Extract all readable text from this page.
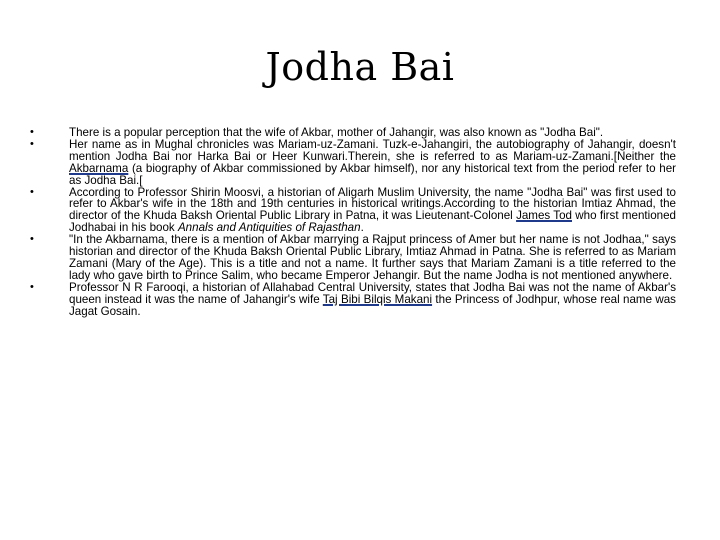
Jodha Bai
•	There is a popular perception that the wife of Akbar, mother of Jahangir, was also known as "Jodha Bai".
•	Her name as in Mughal chronicles was Mariam-uz-Zamani. Tuzk-e-Jahangiri, the autobiography of Jahangir, doesn't mention Jodha Bai nor Harka Bai or Heer Kunwari.Therein, she is referred to as Mariam-uz-Zamani.[Neither the Akbarnama (a biography of Akbar commissioned by Akbar himself), nor any historical text from the period refer to her as Jodha Bai.[
•	According to Professor Shirin Moosvi, a historian of Aligarh Muslim University, the name "Jodha Bai" was first used to refer to Akbar's wife in the 18th and 19th centuries in historical writings.According to the historian Imtiaz Ahmad, the director of the Khuda Baksh Oriental Public Library in Patna, it was Lieutenant-Colonel James Tod who first mentioned Jodhabai in his book Annals and Antiquities of Rajasthan.
•	"In the Akbarnama, there is a mention of Akbar marrying a Rajput princess of Amer but her name is not Jodhaa," says historian and director of the Khuda Baksh Oriental Public Library, Imtiaz Ahmad in Patna. She is referred to as Mariam Zamani (Mary of the Age). This is a title and not a name. It further says that Mariam Zamani is a title referred to the lady who gave birth to Prince Salim, who became Emperor Jehangir. But the name Jodha is not mentioned anywhere.
•	Professor N R Farooqi, a historian of Allahabad Central University, states that Jodha Bai was not the name of Akbar's queen instead it was the name of Jahangir's wife Taj Bibi Bilqis Makani the Princess of Jodhpur, whose real name was Jagat Gosain.
